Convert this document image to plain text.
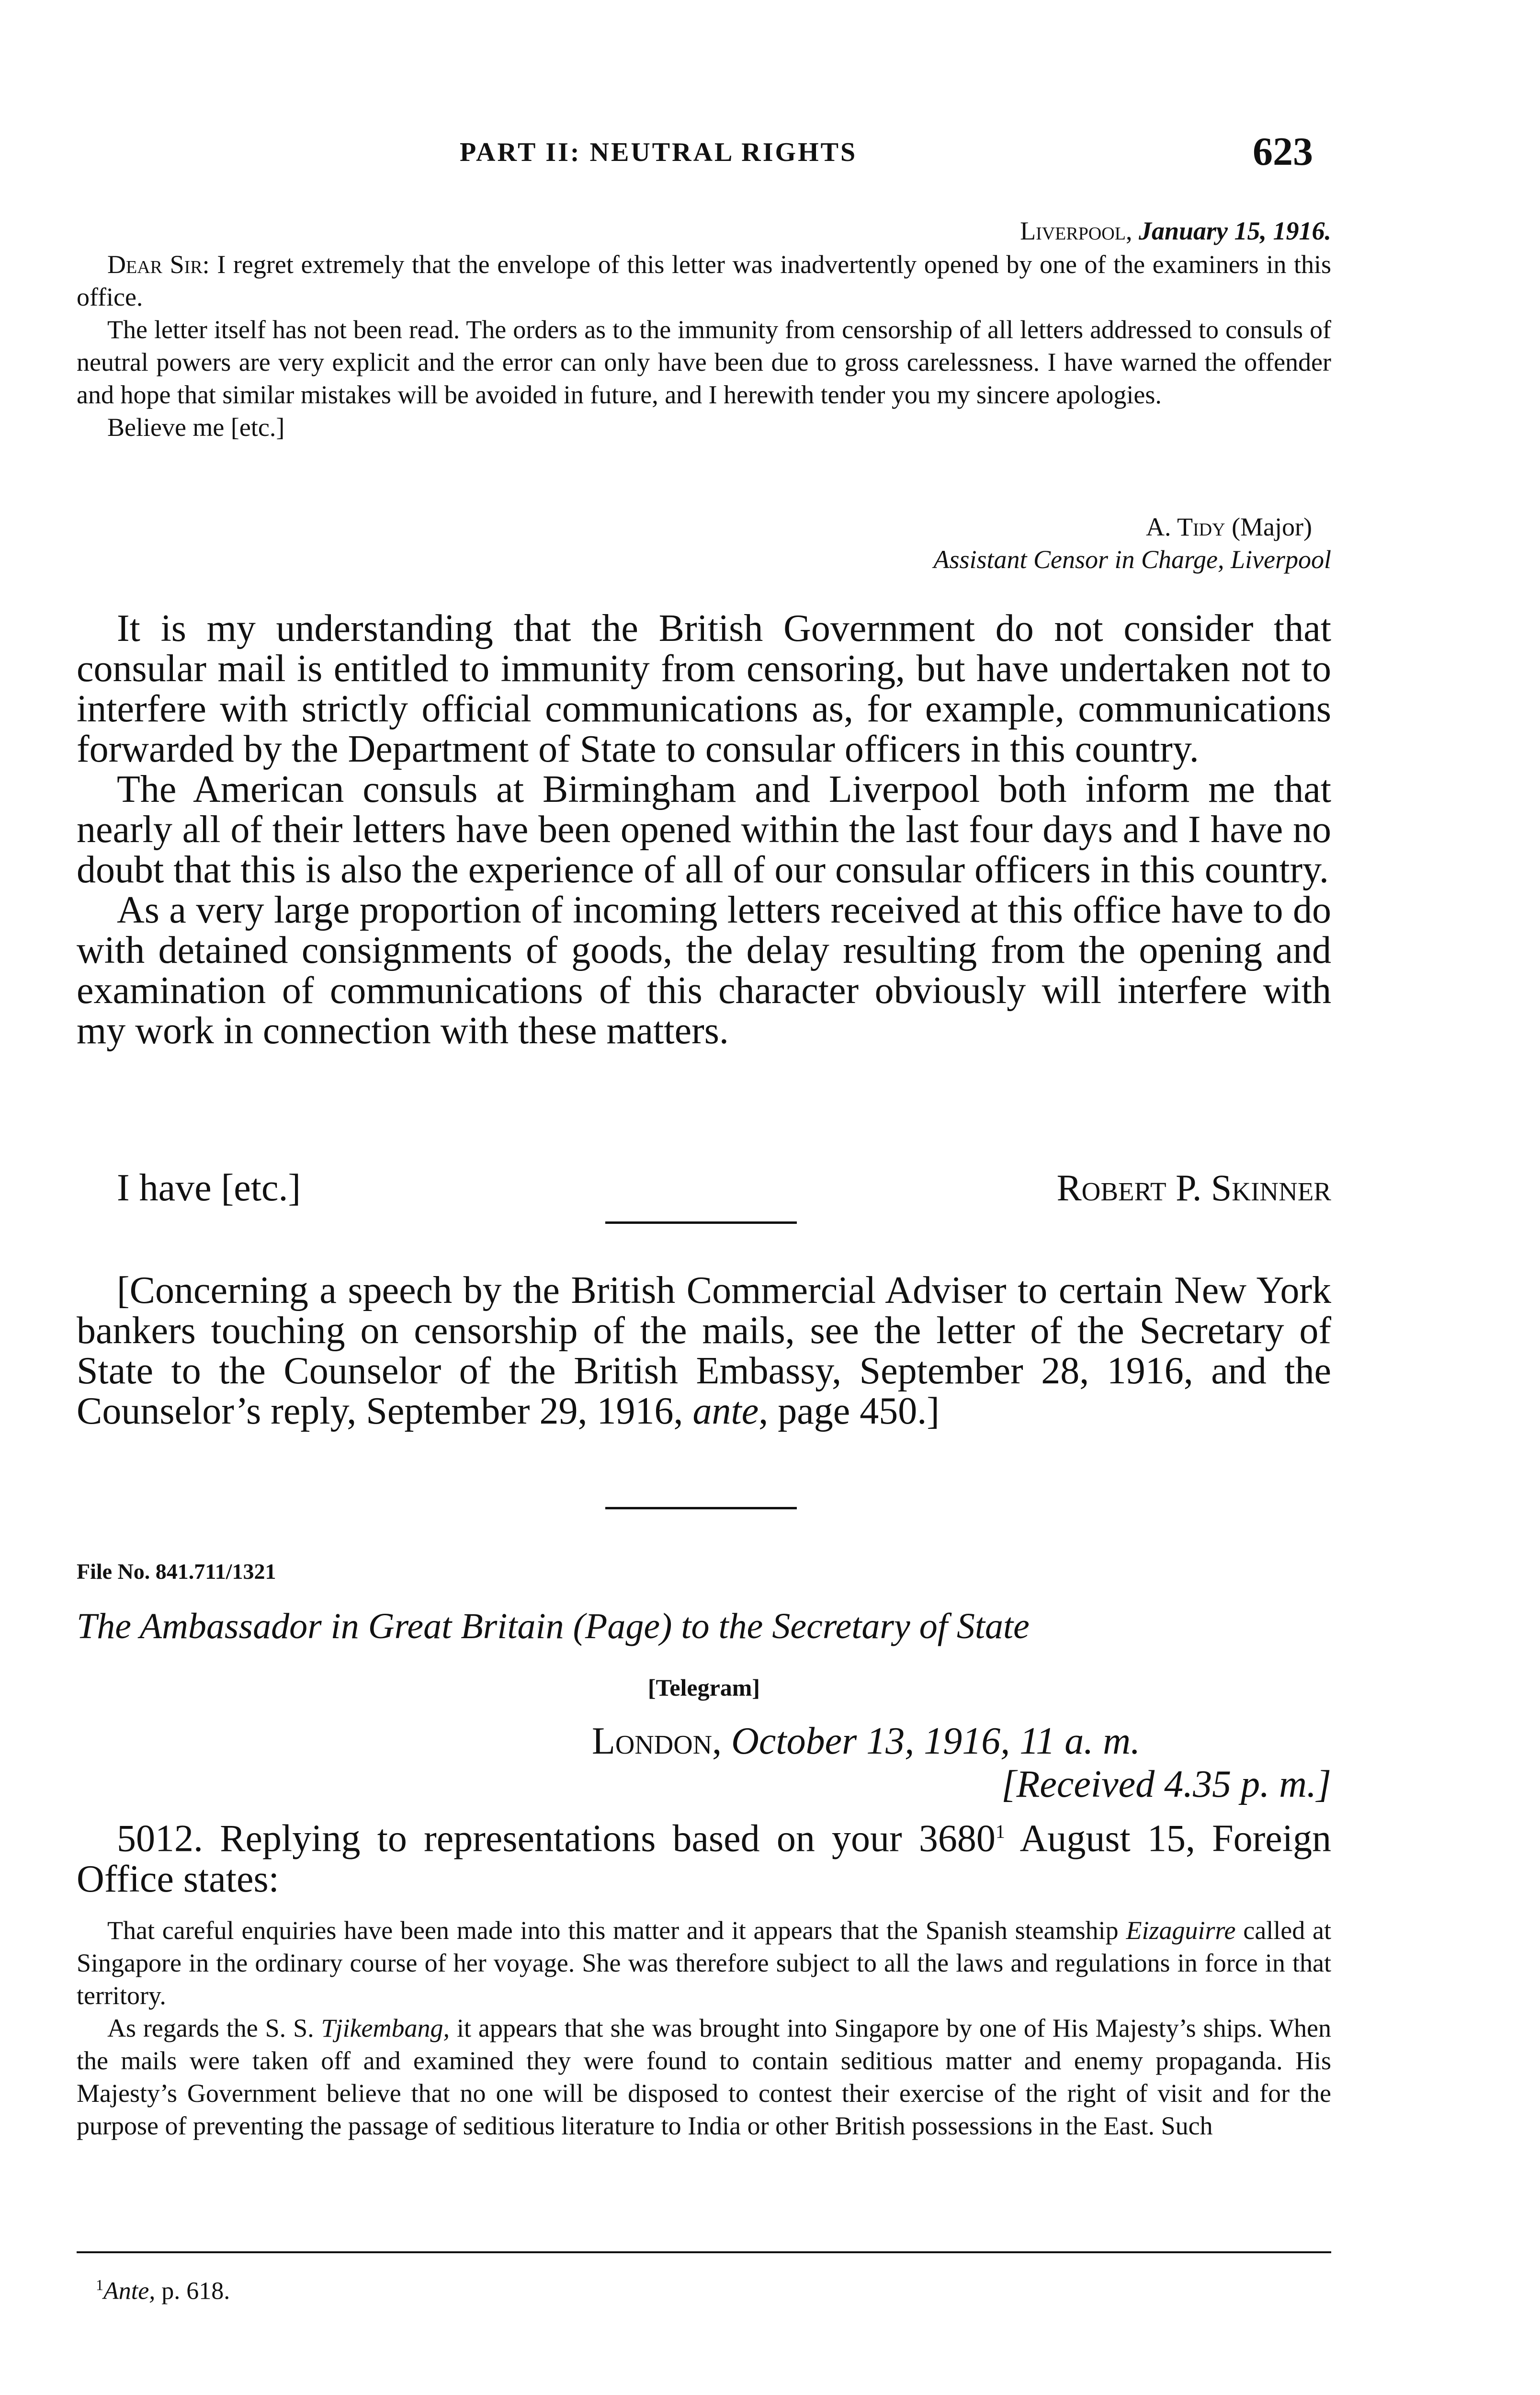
PART II: NEUTRAL RIGHTS	623
Liverpool, January 15, 1916.

Dear Sir: I regret extremely that the envelope of this letter was inadvertently opened by one of the examiners in this office.

The letter itself has not been read. The orders as to the immunity from censorship of all letters addressed to consuls of neutral powers are very explicit and the error can only have been due to gross carelessness. I have warned the offender and hope that similar mistakes will be avoided in future, and I herewith tender you my sincere apologies.

Believe me [etc.]

A. Tidy (Major)
Assistant Censor in Charge, Liverpool

It is my understanding that the British Government do not consider that consular mail is entitled to immunity from censoring, but have undertaken not to interfere with strictly official communications as, for example, communications forwarded by the Department of State to consular officers in this country.

The American consuls at Birmingham and Liverpool both inform me that nearly all of their letters have been opened within the last four days and I have no doubt that this is also the experience of all of our consular officers in this country.

As a very large proportion of incoming letters received at this office have to do with detained consignments of goods, the delay resulting from the opening and examination of communications of this character obviously will interfere with my work in connection with these matters.

I have [etc.]	Robert P. Skinner

[Concerning a speech by the British Commercial Adviser to certain New York bankers touching on censorship of the mails, see the letter of the Secretary of State to the Counselor of the British Embassy, September 28, 1916, and the Counselor’s reply, September 29, 1916, ante, page 450.]

File No. 841.711/1321
The Ambassador in Great Britain (Page) to the Secretary of State
[Telegram]
London, October 13, 1916, 11 a. m.
[Received 4.35 p. m.]

5012. Replying to representations based on your 3680$^1$ August 15, Foreign Office states:

That careful enquiries have been made into this matter and it appears that the Spanish steamship Eizaguirre called at Singapore in the ordinary course of her voyage. She was therefore subject to all the laws and regulations in force in that territory.

As regards the S. S. Tjikembang, it appears that she was brought into Singapore by one of His Majesty’s ships. When the mails were taken off and examined they were found to contain seditious matter and enemy propaganda. His Majesty’s Government believe that no one will be disposed to contest their exercise of the right of visit and for the purpose of preventing the passage of seditious literature to India or other British possessions in the East. Such

$^1$Ante, p. 618.
